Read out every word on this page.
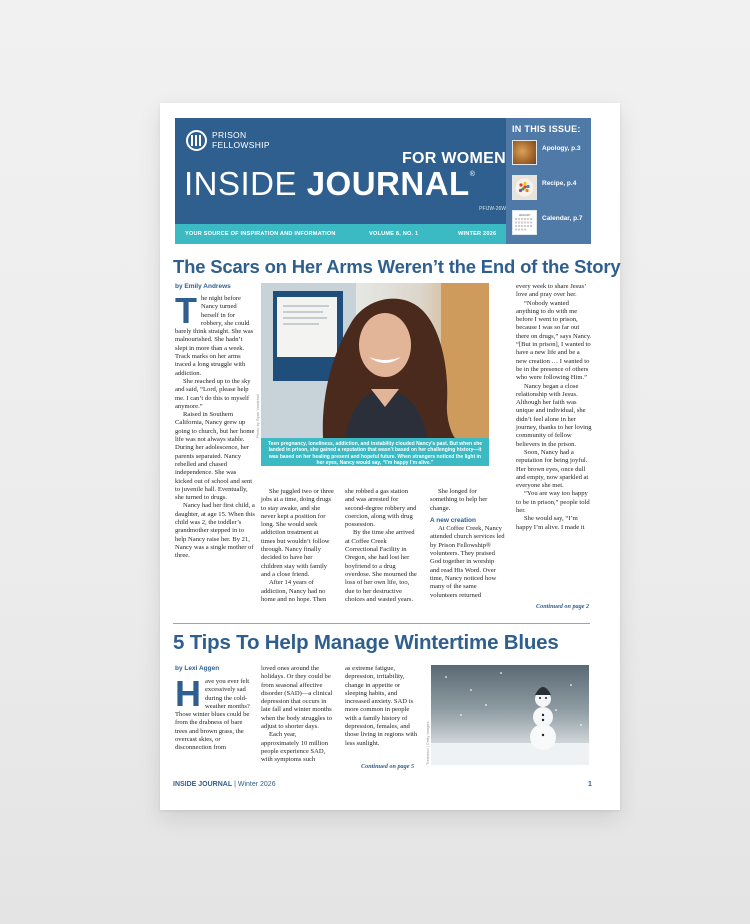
PRISON
FELLOWSHIP
FOR WOMEN
INSIDE JOURNAL®
PFIJW-26W
YOUR SOURCE OF INSPIRATION AND INFORMATION	VOLUME 8, NO. 1	WINTER 2026
IN THIS ISSUE:
Apology, p.3
Recipe, p.4
JANUARY Calendar, p.7
The Scars on Her Arms Weren’t the End of the Story
by Emily Andrews

The night before Nancy turned herself in for robbery, she could barely think straight. She was malnourished. She hadn’t slept in more than a week. Track marks on her arms traced a long struggle with addiction.

She reached up to the sky and said, “Lord, please help me. I can’t do this to myself anymore.”

Raised in Southern California, Nancy grew up going to church, but her home life was not always stable. During her adolescence, her parents separated. Nancy rebelled and chased independence. She was kicked out of school and sent to juvenile hall. Eventually, she turned to drugs.

Nancy had her first child, a daughter, at age 15. When this child was 2, the toddler’s grandmother stepped in to help Nancy raise her. By 21, Nancy was a single mother of three.

Photo by Ryan Vaudreuil
Teen pregnancy, loneliness, addiction, and instability clouded Nancy’s past. But when she landed in prison, she gained a reputation that wasn’t based on her challenging history—it was based on her healing present and hopeful future. When strangers noticed the light in her eyes, Nancy would say, “I’m happy I’m alive.”

She juggled two or three jobs at a time, doing drugs to stay awake, and she never kept a position for long. She would seek addiction treatment at times but wouldn’t follow through. Nancy finally decided to have her children stay with family and a close friend.

After 14 years of addiction, Nancy had no home and no hope. Then

she robbed a gas station and was arrested for second-degree robbery and coercion, along with drug possession.

By the time she arrived at Coffee Creek Correctional Facility in Oregon, she had lost her boyfriend to a drug overdose. She mourned the loss of her own life, too, due to her destructive choices and wasted years.

She longed for something to help her change.

A new creation

At Coffee Creek, Nancy attended church services led by Prison Fellowship® volunteers. They praised God together in worship and read His Word. Over time, Nancy noticed how many of the same volunteers returned

every week to share Jesus’ love and pray over her.

“Nobody wanted anything to do with me before I went to prison, because I was so far out there on drugs,” says Nancy. “[But in prison], I wanted to have a new life and be a new creation … I wanted to be in the presence of others who were following Him.”

Nancy began a close relationship with Jesus. Although her faith was unique and individual, she didn’t feel alone in her journey, thanks to her loving community of fellow believers in the prison.

Soon, Nancy had a reputation for being joyful. Her brown eyes, once dull and empty, now sparkled at everyone she met.

“You are way too happy to be in prison,” people told her.

She would say, “I’m happy I’m alive. I made it

Continued on page 2
5 Tips To Help Manage Wintertime Blues
by Lexi Aggen

Have you ever felt excessively sad during the cold-weather months? Those winter blues could be from the drabness of bare trees and brown grass, the overcast skies, or disconnection from

loved ones around the holidays. Or they could be from seasonal affective disorder (SAD)—a clinical depression that occurs in late fall and winter months when the body struggles to adjust to shorter days.

Each year, approximately 10 million people experience SAD, with symptoms such

as extreme fatigue, depression, irritability, change in appetite or sleeping habits, and increased anxiety. SAD is more common in people with a family history of depression, females, and those living in regions with less sunlight.

Continued on page 5
Tremasol | Getty Images
INSIDE JOURNAL | Winter 2026	1
